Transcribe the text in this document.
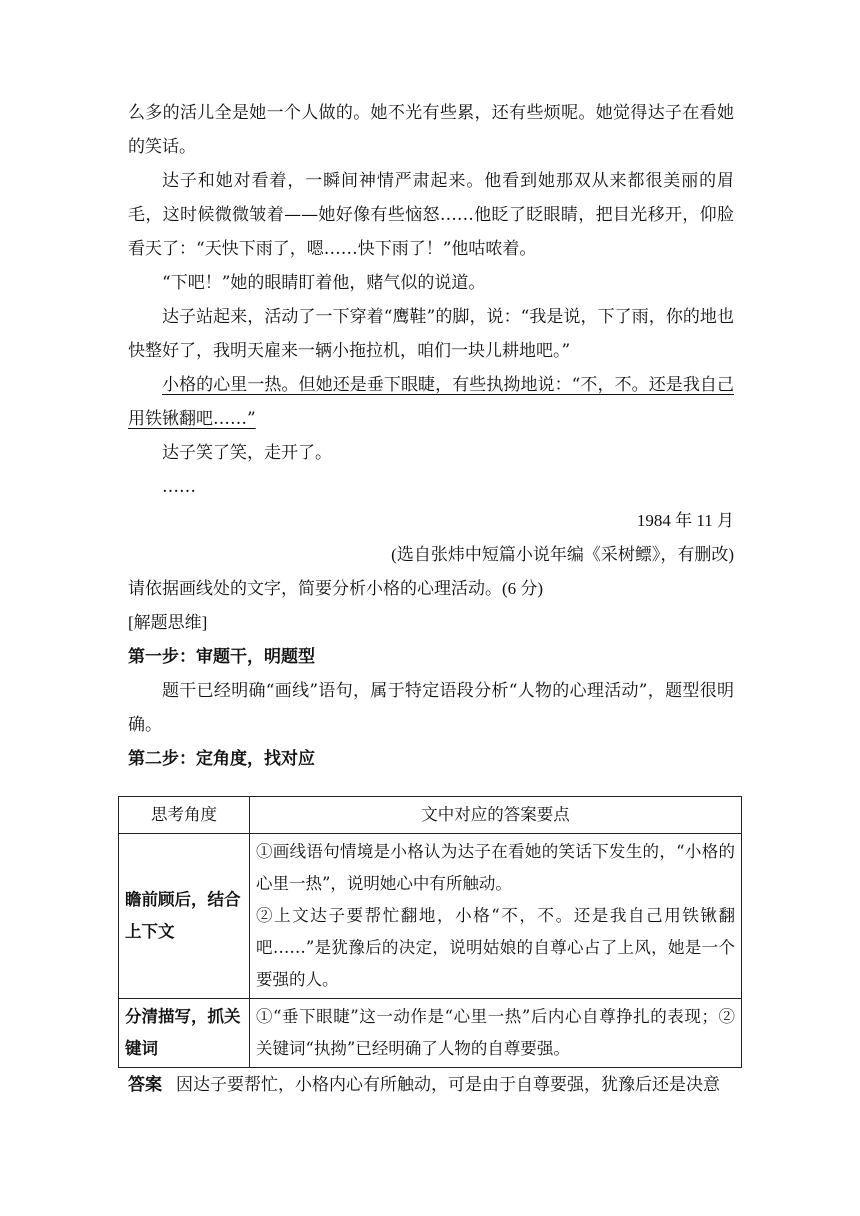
么多的活儿全是她一个人做的。她不光有些累，还有些烦呢。她觉得达子在看她的笑话。

达子和她对看着，一瞬间神情严肃起来。他看到她那双从来都很美丽的眉毛，这时候微微皱着——她好像有些恼怒……他眨了眨眼睛，把目光移开，仰脸看天了：“天快下雨了，嗯……快下雨了！”他咕哝着。

“下吧！”她的眼睛盯着他，赌气似的说道。

达子站起来，活动了一下穿着“鹰鞋”的脚，说：“我是说，下了雨，你的地也快整好了，我明天雇来一辆小拖拉机，咱们一块儿耕地吧。”

小格的心里一热。但她还是垂下眼睫，有些执拗地说：“不，不。还是我自己用铁锹翻吧……”

达子笑了笑，走开了。

……

1984 年 11 月

(选自张炜中短篇小说年编《采树鳔》，有删改)

请依据画线处的文字，简要分析小格的心理活动。(6 分)

[解题思维]

第一步：审题干，明题型

题干已经明确“画线”语句，属于特定语段分析“人物的心理活动”，题型很明确。

第二步：定角度，找对应

思考角度	文中对应的答案要点
瞻前顾后，结合上下文	①画线语句情境是小格认为达子在看她的笑话下发生的，“小格的心里一热”，说明她心中有所触动。
②上文达子要帮忙翻地，小格“不，不。还是我自己用铁锹翻吧……”是犹豫后的决定，说明姑娘的自尊心占了上风，她是一个要强的人。

分清描写，抓关键词	①“垂下眼睫”这一动作是“心里一热”后内心自尊挣扎的表现；②关键词“执拗”已经明确了人物的自尊要强。

答案 因达子要帮忙，小格内心有所触动，可是由于自尊要强，犹豫后还是决意
